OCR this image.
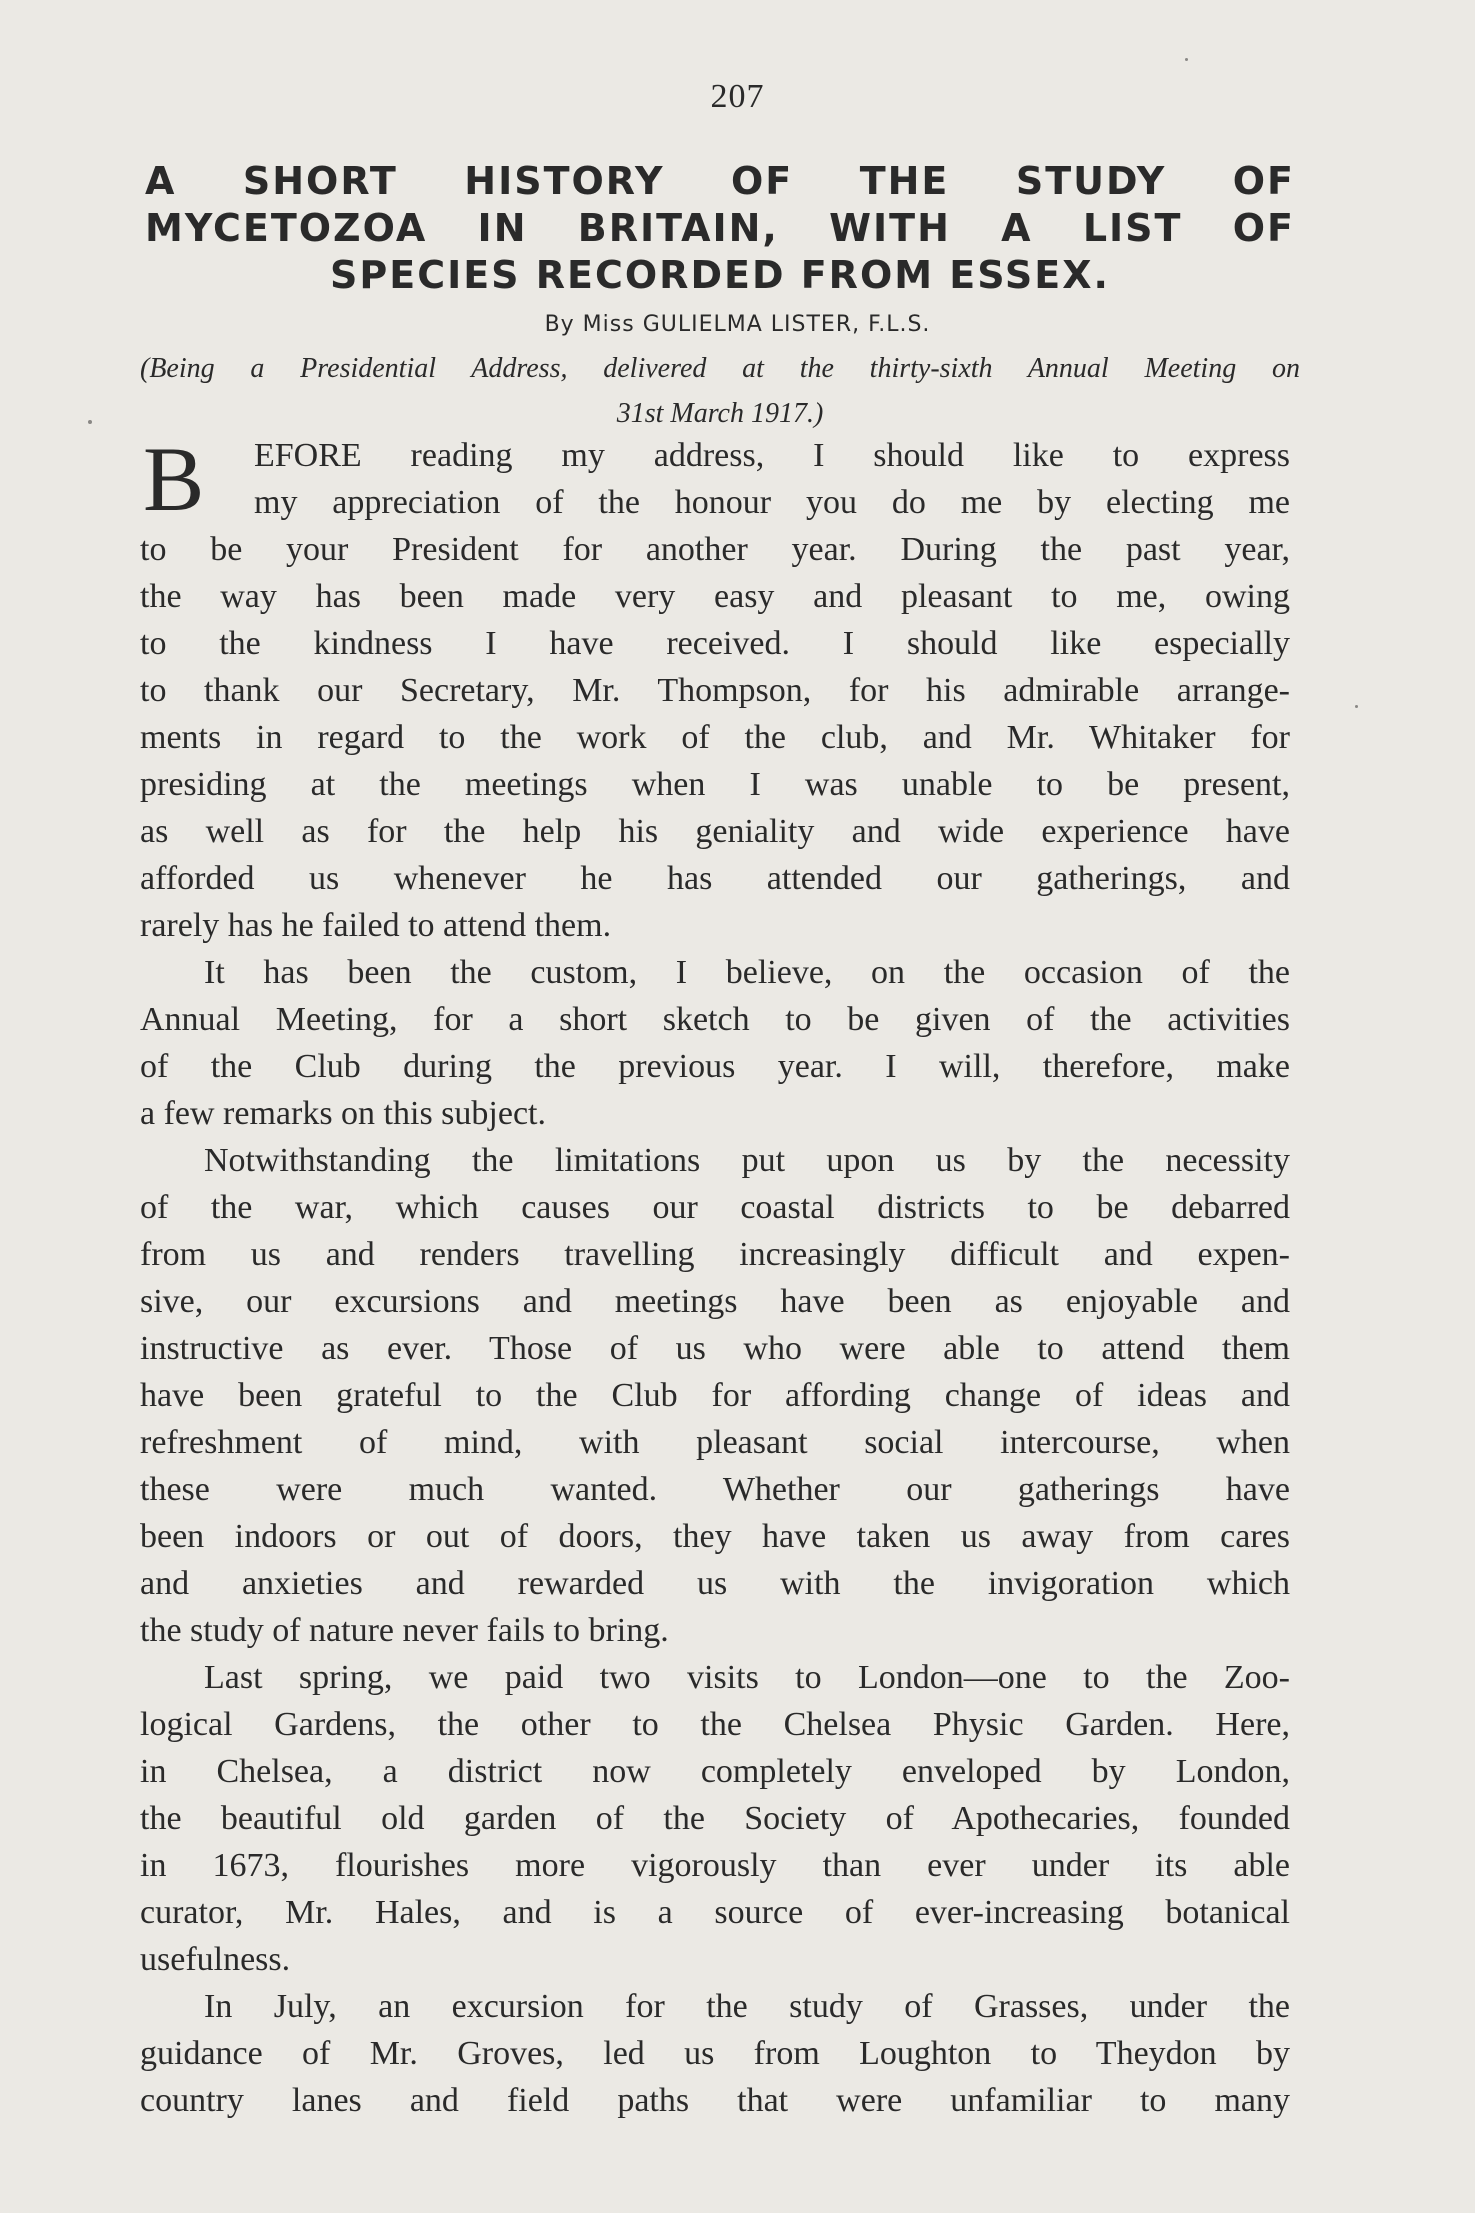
207
A SHORT HISTORY OF THE STUDY OF
MYCETOZOA IN BRITAIN, WITH A LIST OF
SPECIES RECORDED FROM ESSEX.
By Miss GULIELMA LISTER, F.L.S.
(Being a Presidential Address, delivered at the thirty-sixth Annual Meeting on
31st March 1917.)
B	EFORE reading my address, I should like to express
my appreciation of the honour you do me by electing me
to be your President for another year. During the past year,
the way has been made very easy and pleasant to me, owing
to the kindness I have received. I should like especially
to thank our Secretary, Mr. Thompson, for his admirable arrange-
ments in regard to the work of the club, and Mr. Whitaker for
presiding at the meetings when I was unable to be present,
as well as for the help his geniality and wide experience have
afforded us whenever he has attended our gatherings, and
rarely has he failed to attend them.
It has been the custom, I believe, on the occasion of the
Annual Meeting, for a short sketch to be given of the activities
of the Club during the previous year. I will, therefore, make
a few remarks on this subject.
Notwithstanding the limitations put upon us by the necessity
of the war, which causes our coastal districts to be debarred
from us and renders travelling increasingly difficult and expen-
sive, our excursions and meetings have been as enjoyable and
instructive as ever. Those of us who were able to attend them
have been grateful to the Club for affording change of ideas and
refreshment of mind, with pleasant social intercourse, when
these were much wanted. Whether our gatherings have
been indoors or out of doors, they have taken us away from cares
and anxieties and rewarded us with the invigoration which
the study of nature never fails to bring.
Last spring, we paid two visits to London—one to the Zoo-
logical Gardens, the other to the Chelsea Physic Garden. Here,
in Chelsea, a district now completely enveloped by London,
the beautiful old garden of the Society of Apothecaries, founded
in 1673, flourishes more vigorously than ever under its able
curator, Mr. Hales, and is a source of ever-increasing botanical
usefulness.
In July, an excursion for the study of Grasses, under the
guidance of Mr. Groves, led us from Loughton to Theydon by
country lanes and field paths that were unfamiliar to many
